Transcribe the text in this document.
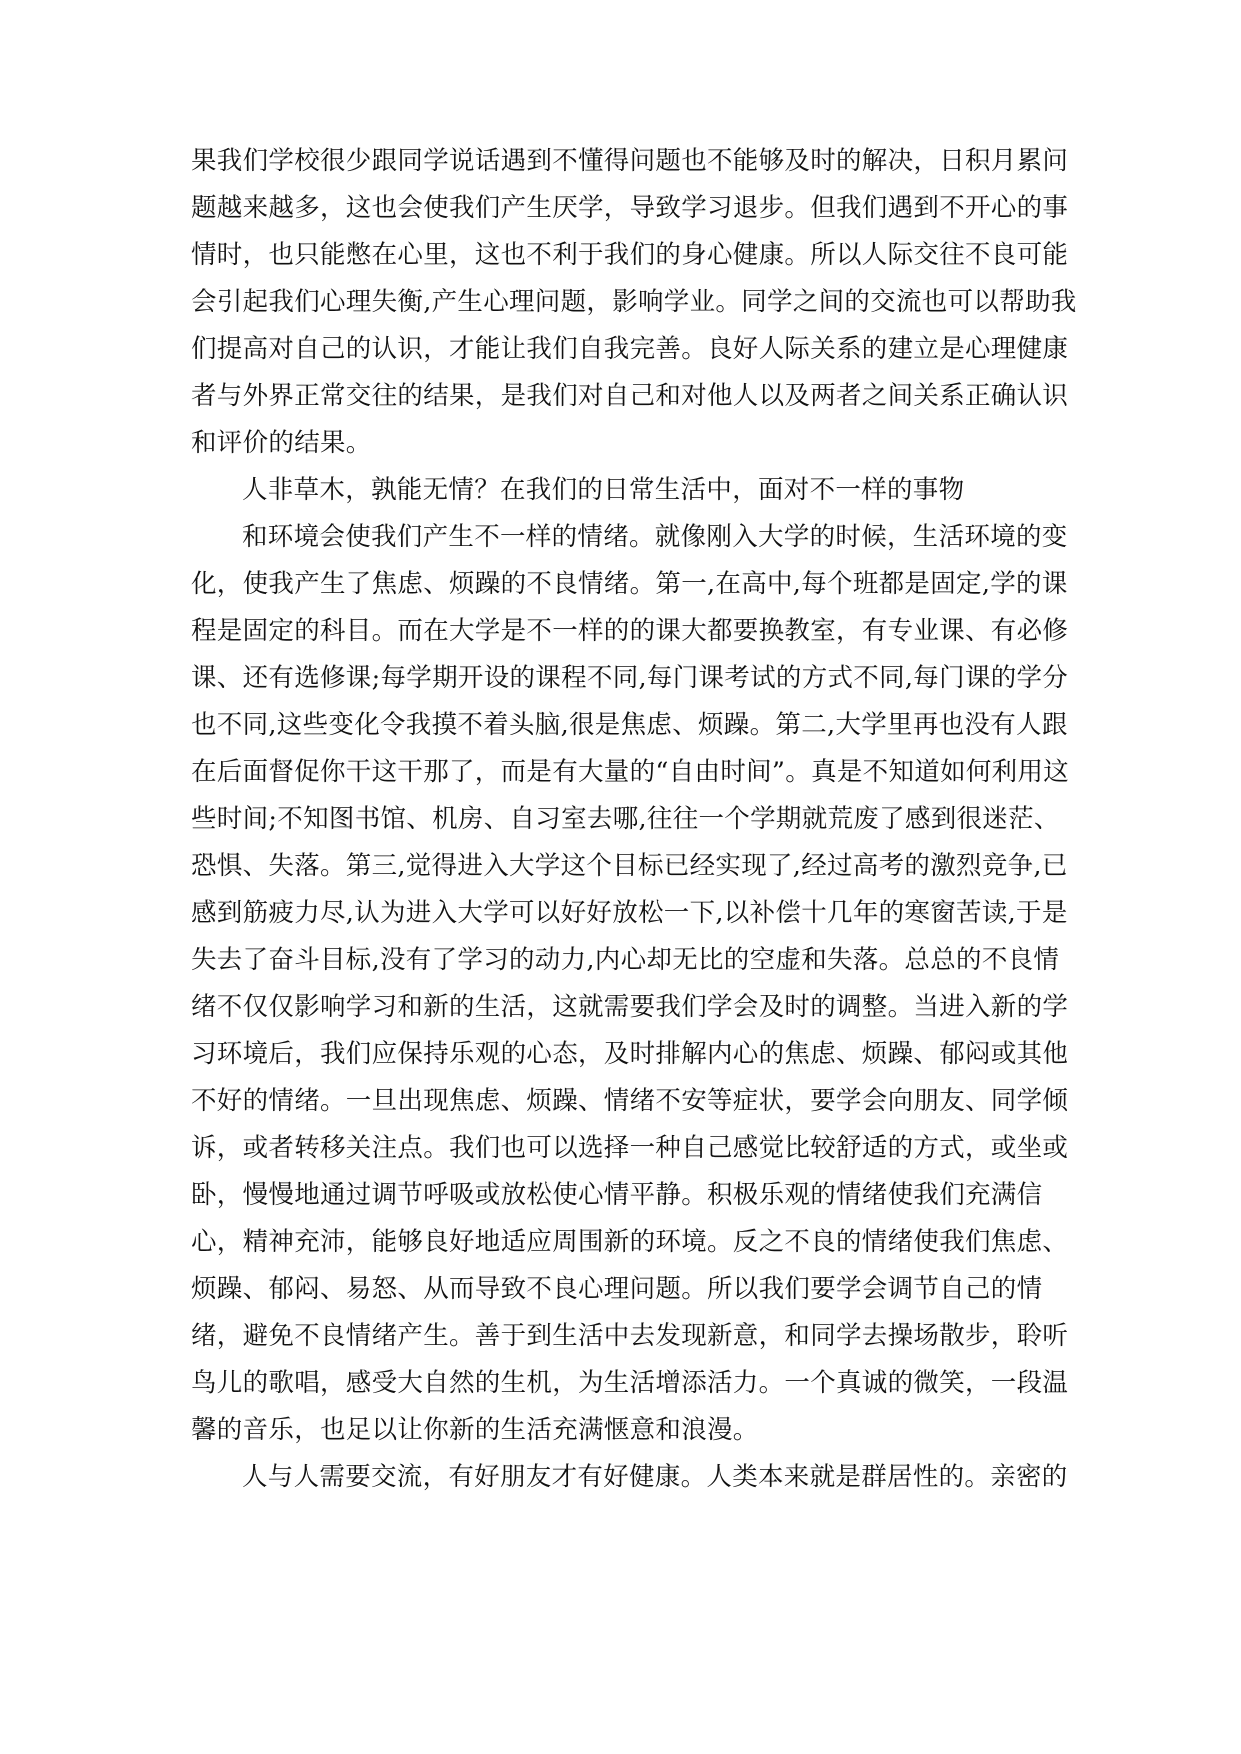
果我们学校很少跟同学说话遇到不懂得问题也不能够及时的解决，日积月累问
题越来越多，这也会使我们产生厌学，导致学习退步。但我们遇到不开心的事
情时，也只能憋在心里，这也不利于我们的身心健康。所以人际交往不良可能
会引起我们心理失衡,产生心理问题，影响学业。同学之间的交流也可以帮助我
们提高对自己的认识，才能让我们自我完善。良好人际关系的建立是心理健康
者与外界正常交往的结果，是我们对自己和对他人以及两者之间关系正确认识
和评价的结果。
人非草木，孰能无情？在我们的日常生活中，面对不一样的事物
和环境会使我们产生不一样的情绪。就像刚入大学的时候，生活环境的变
化，使我产生了焦虑、烦躁的不良情绪。第一,在高中,每个班都是固定,学的课
程是固定的科目。而在大学是不一样的的课大都要换教室，有专业课、有必修
课、还有选修课;每学期开设的课程不同,每门课考试的方式不同,每门课的学分
也不同,这些变化令我摸不着头脑,很是焦虑、烦躁。第二,大学里再也没有人跟
在后面督促你干这干那了，而是有大量的“自由时间”。真是不知道如何利用这
些时间;不知图书馆、机房、自习室去哪,往往一个学期就荒废了感到很迷茫、
恐惧、失落。第三,觉得进入大学这个目标已经实现了,经过高考的激烈竞争,已
感到筋疲力尽,认为进入大学可以好好放松一下,以补偿十几年的寒窗苦读,于是
失去了奋斗目标,没有了学习的动力,内心却无比的空虚和失落。总总的不良情
绪不仅仅影响学习和新的生活，这就需要我们学会及时的调整。当进入新的学
习环境后，我们应保持乐观的心态，及时排解内心的焦虑、烦躁、郁闷或其他
不好的情绪。一旦出现焦虑、烦躁、情绪不安等症状，要学会向朋友、同学倾
诉，或者转移关注点。我们也可以选择一种自己感觉比较舒适的方式，或坐或
卧，慢慢地通过调节呼吸或放松使心情平静。积极乐观的情绪使我们充满信
心，精神充沛，能够良好地适应周围新的环境。反之不良的情绪使我们焦虑、
烦躁、郁闷、易怒、从而导致不良心理问题。所以我们要学会调节自己的情
绪，避免不良情绪产生。善于到生活中去发现新意，和同学去操场散步，聆听
鸟儿的歌唱，感受大自然的生机，为生活增添活力。一个真诚的微笑，一段温
馨的音乐，也足以让你新的生活充满惬意和浪漫。
人与人需要交流，有好朋友才有好健康。人类本来就是群居性的。亲密的
